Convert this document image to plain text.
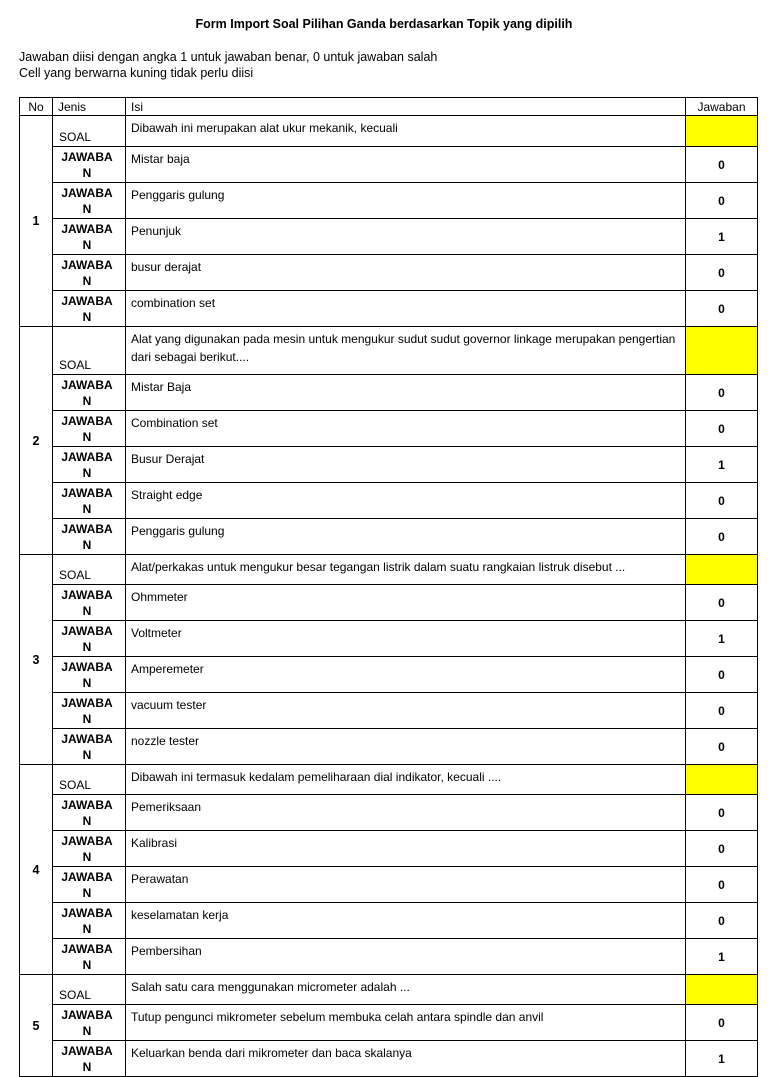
Form Import Soal Pilihan Ganda berdasarkan Topik yang dipilih
Jawaban diisi dengan angka 1 untuk jawaban benar, 0 untuk jawaban salah
Cell yang berwarna kuning tidak perlu diisi
No	Jenis	Isi	Jawaban
1	SOAL	Dibawah ini merupakan alat ukur mekanik, kecuali	

	JAWABAN	Mistar baja	0

	JAWABAN	Penggaris gulung	0

	JAWABAN	Penunjuk	1

	JAWABAN	busur derajat	0

	JAWABAN	combination set	0
2	SOAL	Alat yang digunakan pada mesin untuk mengukur sudut sudut governor linkage merupakan pengertian dari sebagai berikut....	

	JAWABAN	Mistar Baja	0

	JAWABAN	Combination set	0

	JAWABAN	Busur Derajat	1

	JAWABAN	Straight edge	0

	JAWABAN	Penggaris gulung	0
3	SOAL	Alat/perkakas untuk mengukur besar tegangan listrik dalam suatu rangkaian listruk disebut ...	

	JAWABAN	Ohmmeter	0

	JAWABAN	Voltmeter	1

	JAWABAN	Amperemeter	0

	JAWABAN	vacuum tester	0

	JAWABAN	nozzle tester	0
4	SOAL	Dibawah ini termasuk kedalam pemeliharaan dial indikator, kecuali ....	

	JAWABAN	Pemeriksaan	0

	JAWABAN	Kalibrasi	0

	JAWABAN	Perawatan	0

	JAWABAN	keselamatan kerja	0

	JAWABAN	Pembersihan	1
5	SOAL	Salah satu cara menggunakan micrometer adalah ...	

	JAWABAN	Tutup pengunci mikrometer sebelum membuka celah antara spindle dan anvil	0

	JAWABAN	Keluarkan benda dari mikrometer dan baca skalanya	1
